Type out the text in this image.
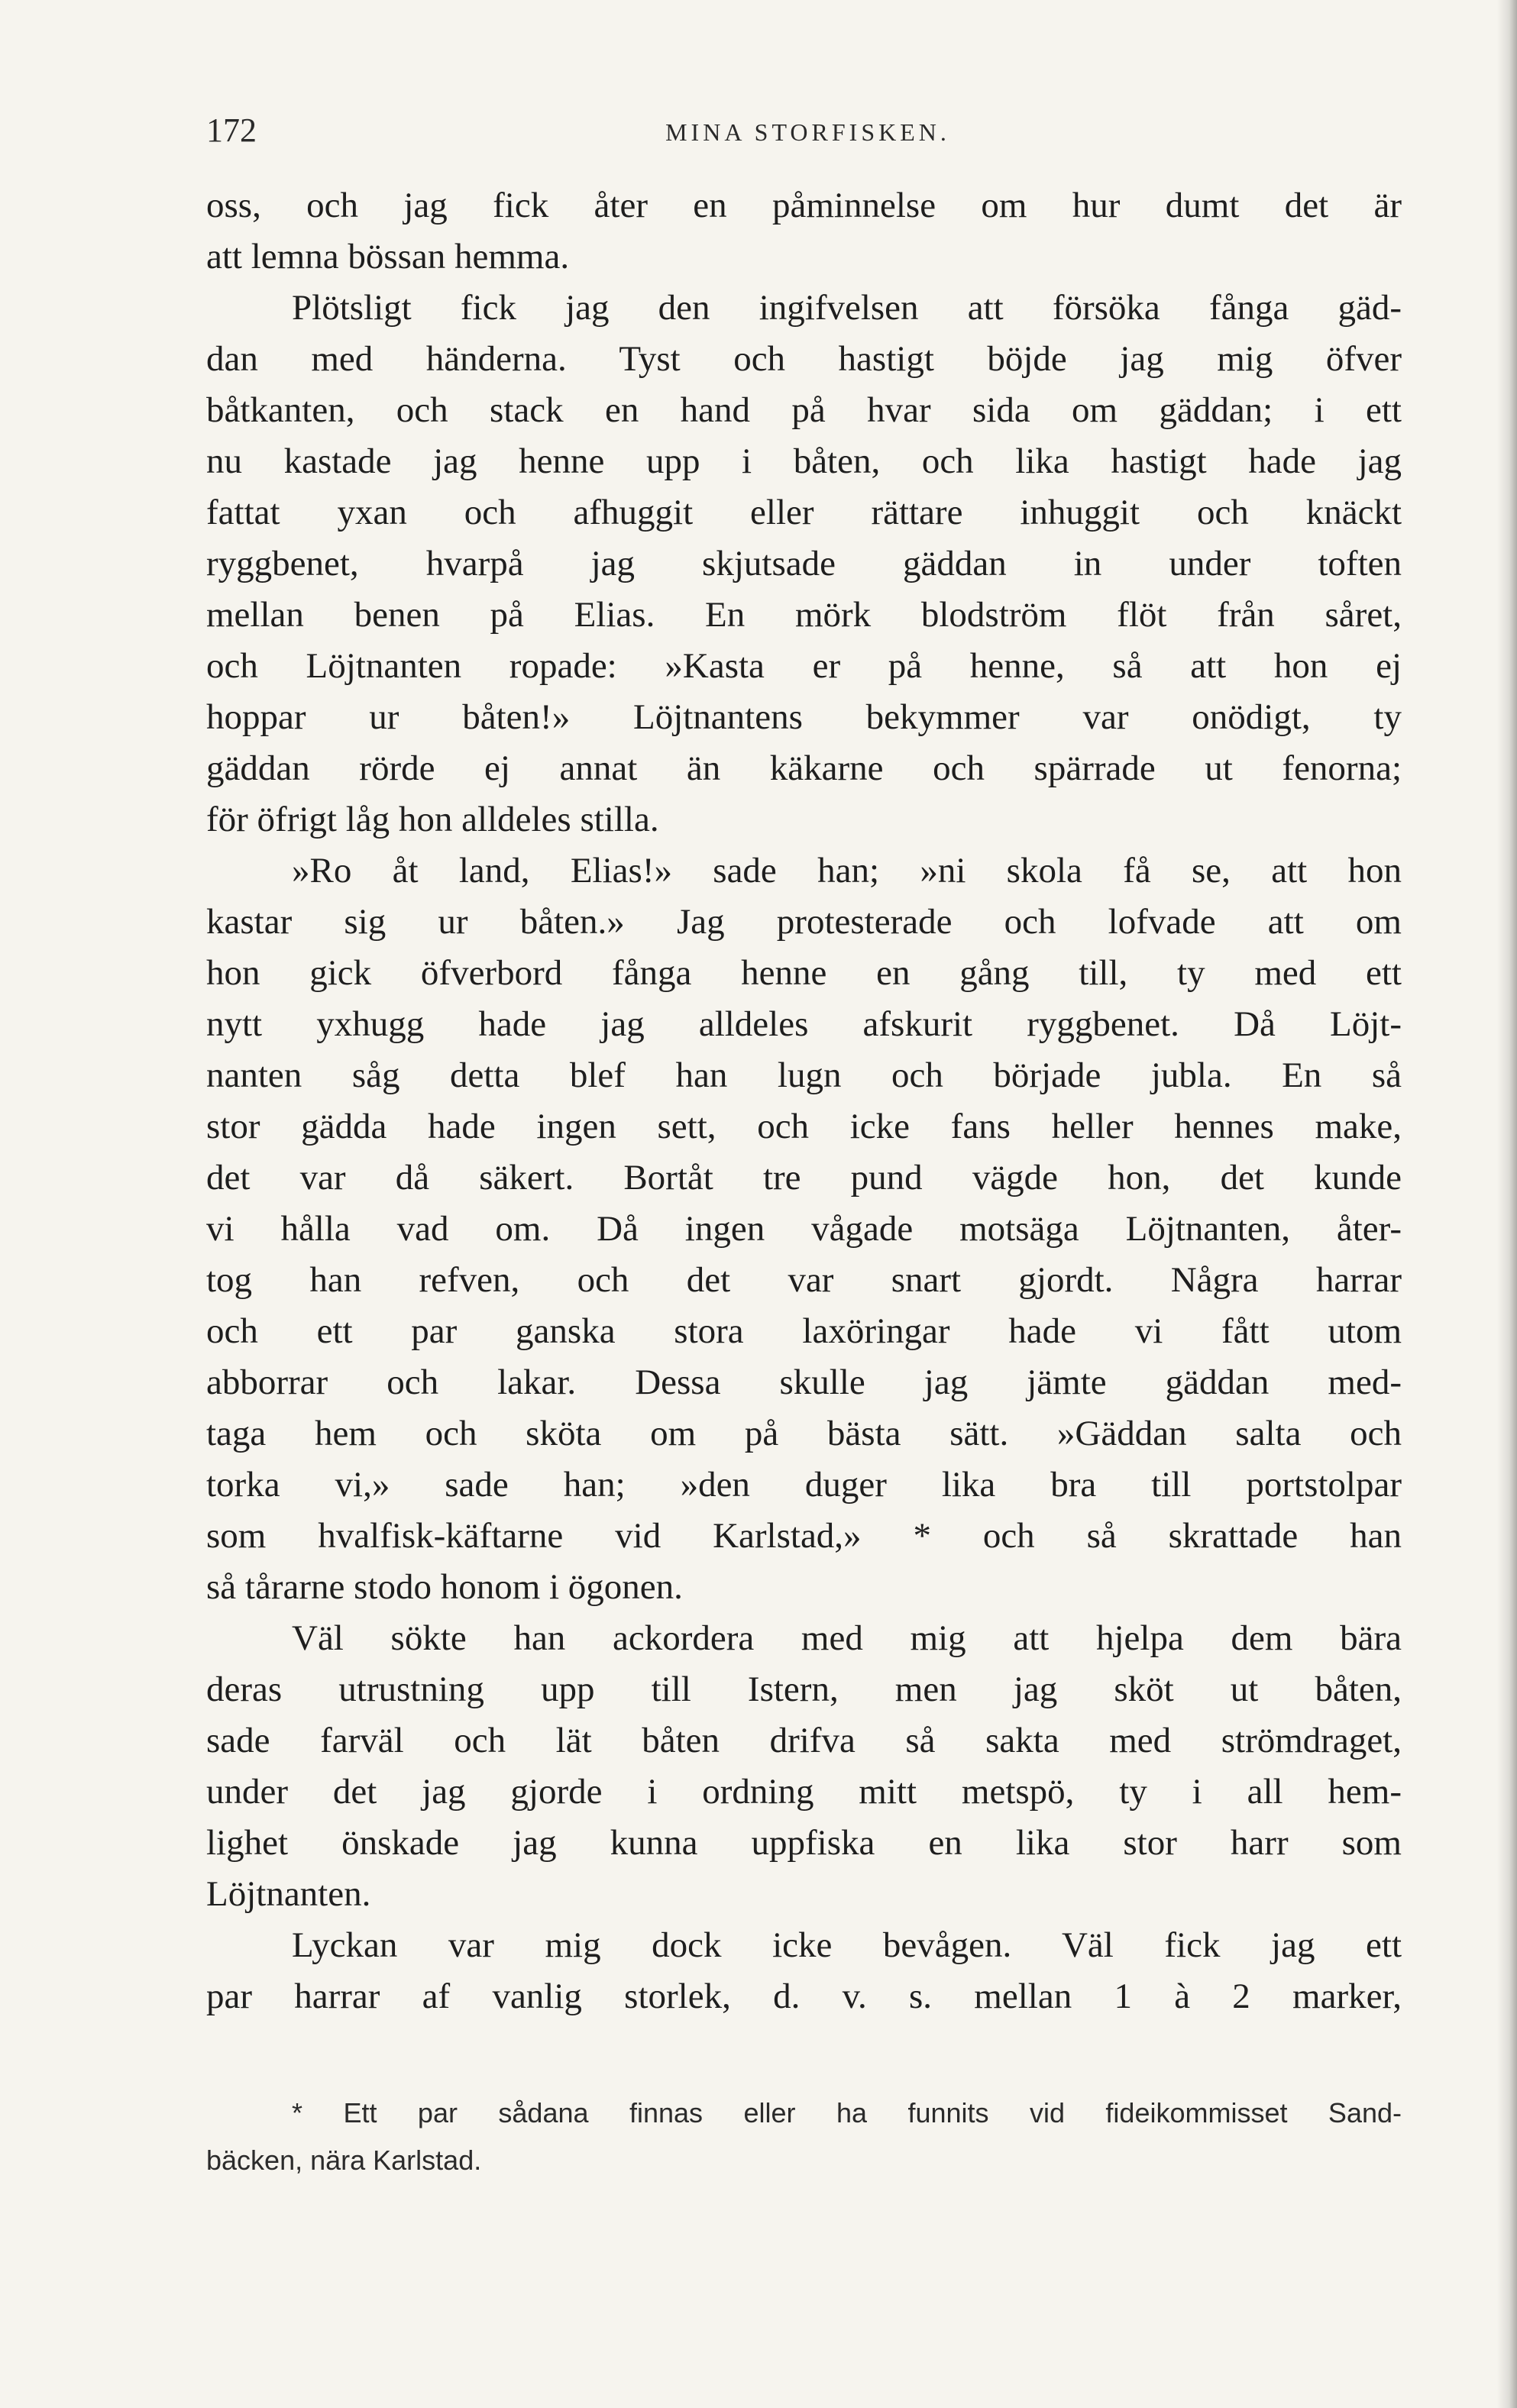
172	MINA STORFISKEN.
oss, och jag fick åter en påminnelse om hur dumt det är
att lemna bössan hemma.
Plötsligt fick jag den ingifvelsen att försöka fånga gäd-
dan med händerna. Tyst och hastigt böjde jag mig öfver
båtkanten, och stack en hand på hvar sida om gäddan; i ett
nu kastade jag henne upp i båten, och lika hastigt hade jag
fattat yxan och afhuggit eller rättare inhuggit och knäckt
ryggbenet, hvarpå jag skjutsade gäddan in under toften
mellan benen på Elias. En mörk blodström flöt från såret,
och Löjtnanten ropade: »Kasta er på henne, så att hon ej
hoppar ur båten!» Löjtnantens bekymmer var onödigt, ty
gäddan rörde ej annat än käkarne och spärrade ut fenorna;
för öfrigt låg hon alldeles stilla.
»Ro åt land, Elias!» sade han; »ni skola få se, att hon
kastar sig ur båten.» Jag protesterade och lofvade att om
hon gick öfverbord fånga henne en gång till, ty med ett
nytt yxhugg hade jag alldeles afskurit ryggbenet. Då Löjt-
nanten såg detta blef han lugn och började jubla. En så
stor gädda hade ingen sett, och icke fans heller hennes make,
det var då säkert. Bortåt tre pund vägde hon, det kunde
vi hålla vad om. Då ingen vågade motsäga Löjtnanten, åter-
tog han refven, och det var snart gjordt. Några harrar
och ett par ganska stora laxöringar hade vi fått utom
abborrar och lakar. Dessa skulle jag jämte gäddan med-
taga hem och sköta om på bästa sätt. »Gäddan salta och
torka vi,» sade han; »den duger lika bra till portstolpar
som hvalfisk-käftarne vid Karlstad,» * och så skrattade han
så tårarne stodo honom i ögonen.
Väl sökte han ackordera med mig att hjelpa dem bära
deras utrustning upp till Istern, men jag sköt ut båten,
sade farväl och lät båten drifva så sakta med strömdraget,
under det jag gjorde i ordning mitt metspö, ty i all hem-
lighet önskade jag kunna uppfiska en lika stor harr som
Löjtnanten.
Lyckan var mig dock icke bevågen. Väl fick jag ett
par harrar af vanlig storlek, d. v. s. mellan 1 à 2 marker,
* Ett par sådana finnas eller ha funnits vid fideikommisset Sand-
bäcken, nära Karlstad.
